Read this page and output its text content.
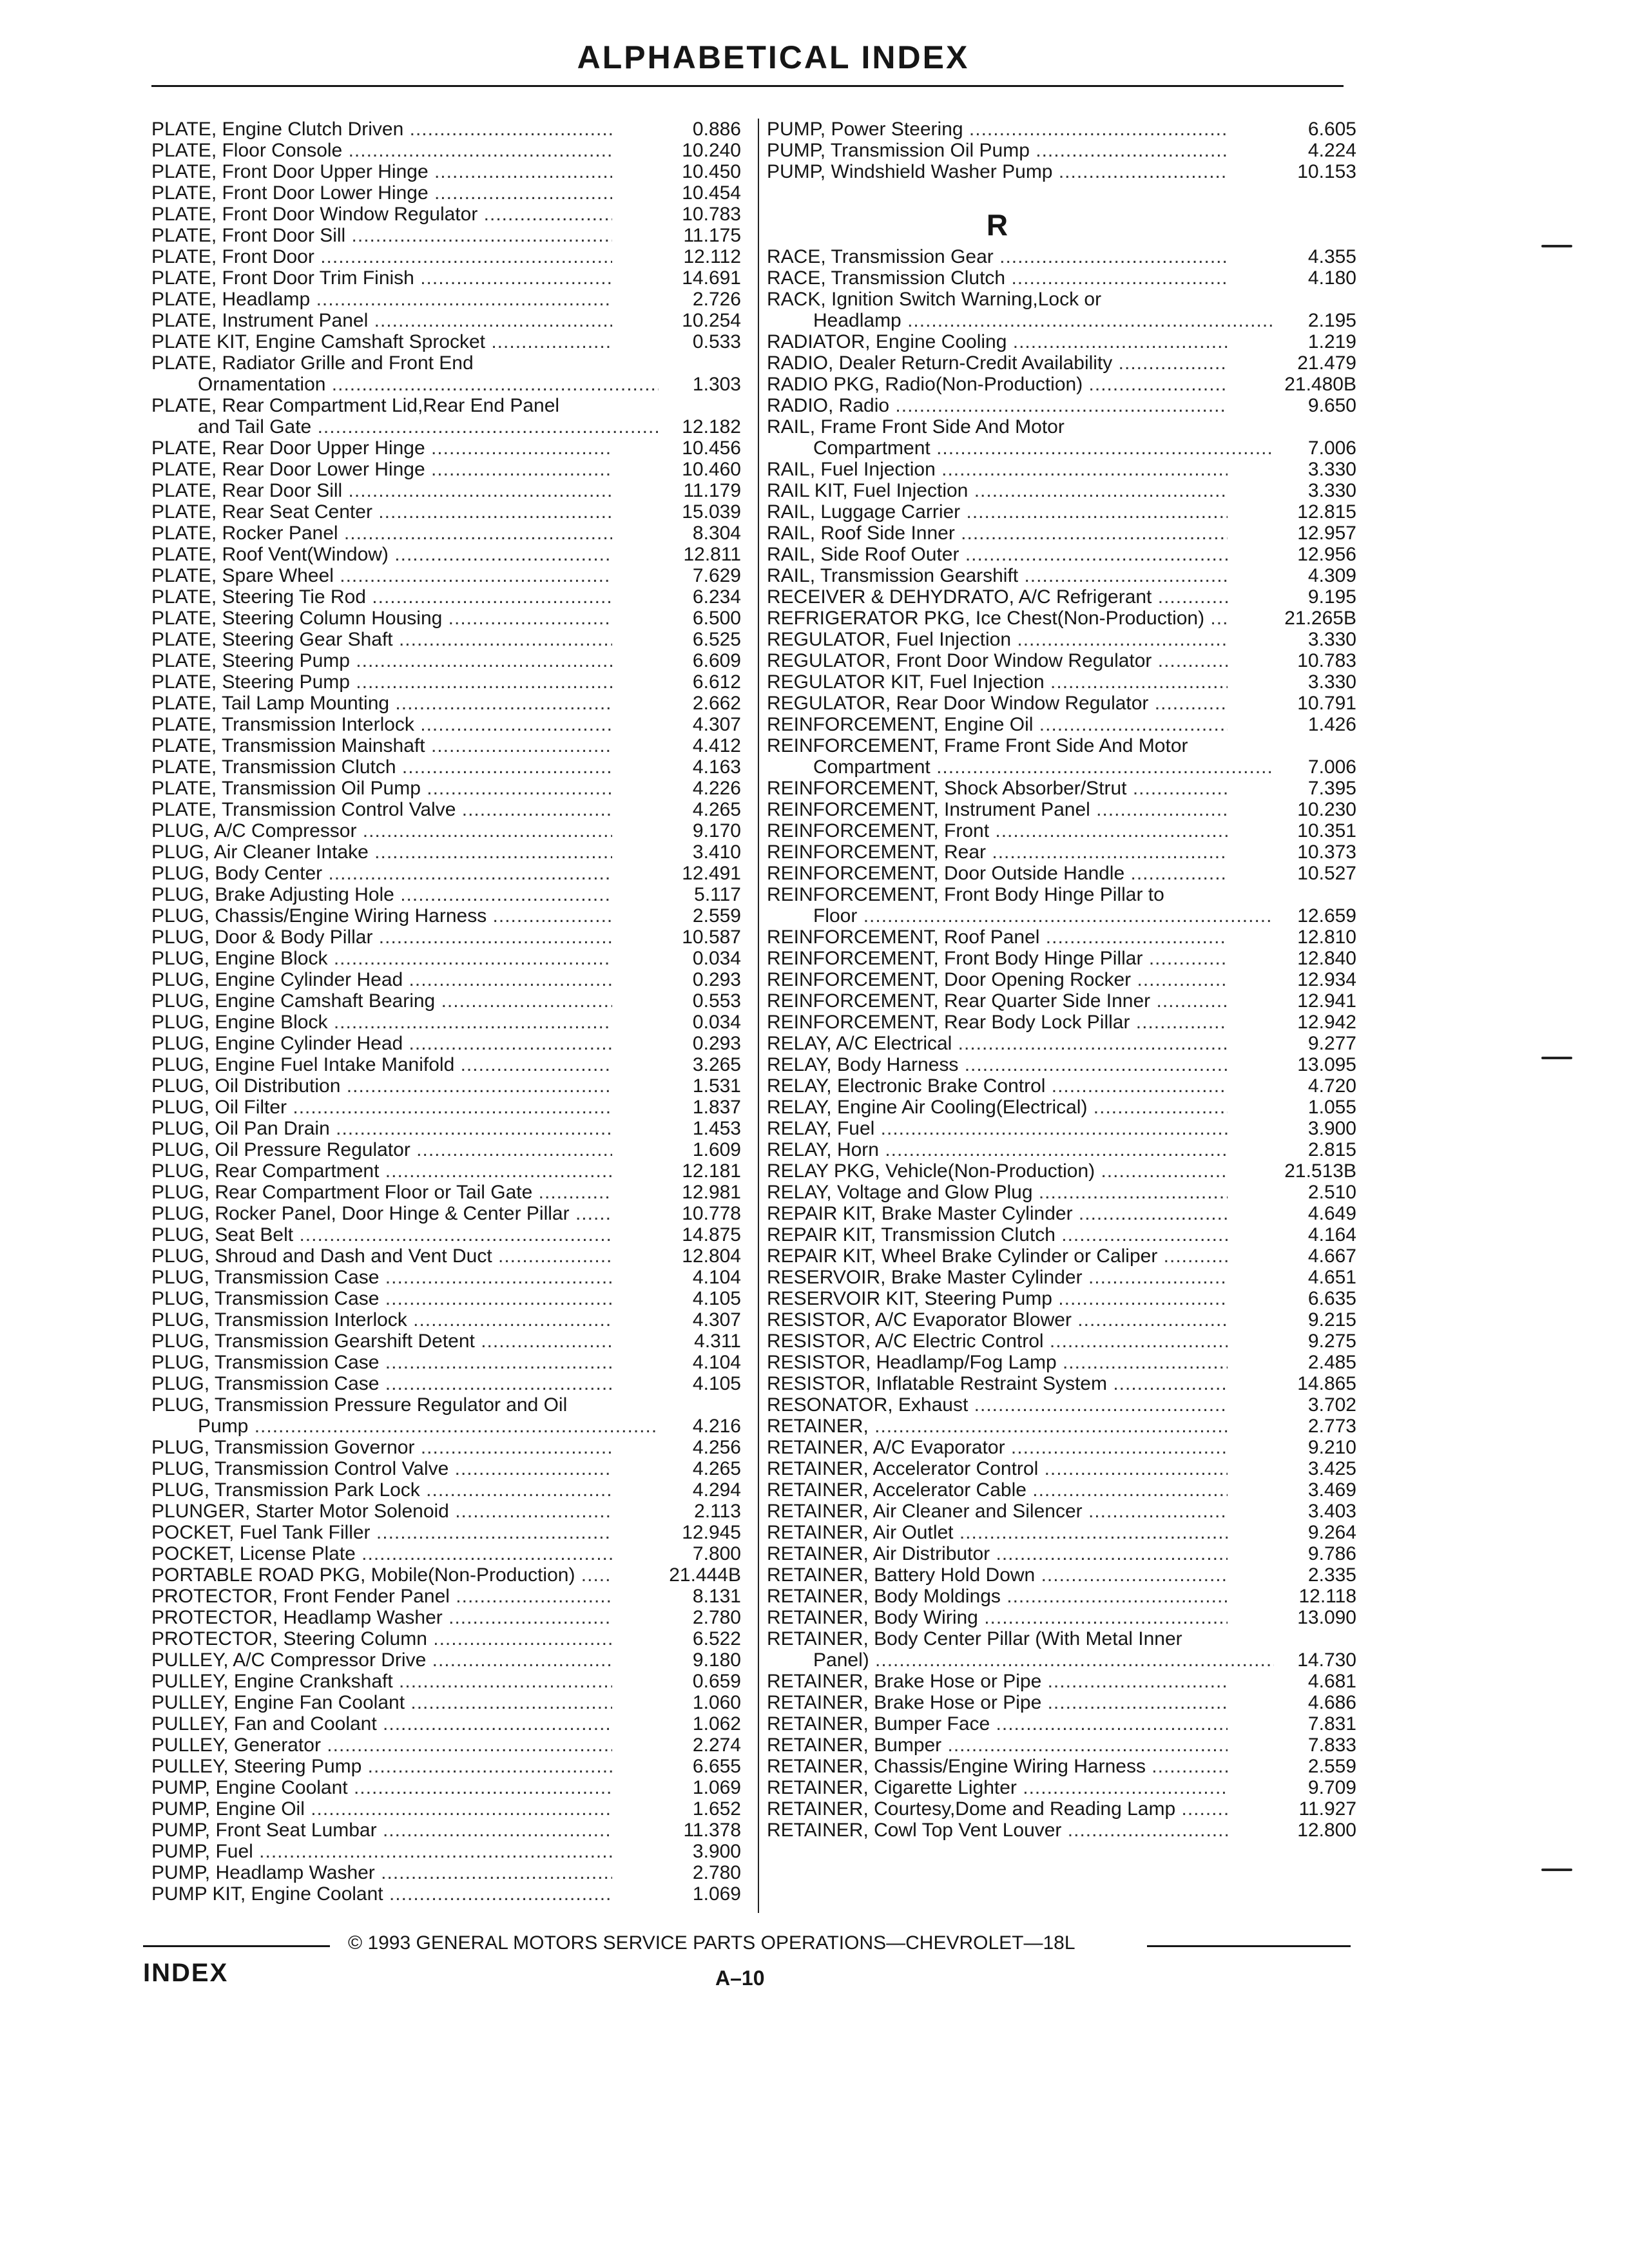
ALPHABETICAL INDEX
PLATE, Engine Clutch Driven .....	0.886
PLATE, Floor Console .....	10.240
PLATE, Front Door Upper Hinge .....	10.450
PLATE, Front Door Lower Hinge .....	10.454
PLATE, Front Door Window Regulator .....	10.783
PLATE, Front Door Sill .....	11.175
PLATE, Front Door .....	12.112
PLATE, Front Door Trim Finish .....	14.691
PLATE, Headlamp .....	2.726
PLATE, Instrument Panel .....	10.254
PLATE KIT, Engine Camshaft Sprocket .....	0.533
PLATE, Radiator Grille and Front End
Ornamentation .....	1.303
PLATE, Rear Compartment Lid,Rear End Panel
and Tail Gate .....	12.182
PLATE, Rear Door Upper Hinge .....	10.456
PLATE, Rear Door Lower Hinge .....	10.460
PLATE, Rear Door Sill .....	11.179
PLATE, Rear Seat Center .....	15.039
PLATE, Rocker Panel .....	8.304
PLATE, Roof Vent(Window) .....	12.811
PLATE, Spare Wheel .....	7.629
PLATE, Steering Tie Rod .....	6.234
PLATE, Steering Column Housing .....	6.500
PLATE, Steering Gear Shaft .....	6.525
PLATE, Steering Pump .....	6.609
PLATE, Steering Pump .....	6.612
PLATE, Tail Lamp Mounting .....	2.662
PLATE, Transmission Interlock .....	4.307
PLATE, Transmission Mainshaft .....	4.412
PLATE, Transmission Clutch .....	4.163
PLATE, Transmission Oil Pump .....	4.226
PLATE, Transmission Control Valve .....	4.265
PLUG, A/C Compressor .....	9.170
PLUG, Air Cleaner Intake .....	3.410
PLUG, Body Center .....	12.491
PLUG, Brake Adjusting Hole .....	5.117
PLUG, Chassis/Engine Wiring Harness .....	2.559
PLUG, Door & Body Pillar .....	10.587
PLUG, Engine Block .....	0.034
PLUG, Engine Cylinder Head .....	0.293
PLUG, Engine Camshaft Bearing .....	0.553
PLUG, Engine Block .....	0.034
PLUG, Engine Cylinder Head .....	0.293
PLUG, Engine Fuel Intake Manifold .....	3.265
PLUG, Oil Distribution .....	1.531
PLUG, Oil Filter .....	1.837
PLUG, Oil Pan Drain .....	1.453
PLUG, Oil Pressure Regulator .....	1.609
PLUG, Rear Compartment .....	12.181
PLUG, Rear Compartment Floor or Tail Gate .....	12.981
PLUG, Rocker Panel, Door Hinge & Center Pillar .....	10.778
PLUG, Seat Belt .....	14.875
PLUG, Shroud and Dash and Vent Duct .....	12.804
PLUG, Transmission Case .....	4.104
PLUG, Transmission Case .....	4.105
PLUG, Transmission Interlock .....	4.307
PLUG, Transmission Gearshift Detent .....	4.311
PLUG, Transmission Case .....	4.104
PLUG, Transmission Case .....	4.105
PLUG, Transmission Pressure Regulator and Oil
Pump .....	4.216
PLUG, Transmission Governor .....	4.256
PLUG, Transmission Control Valve .....	4.265
PLUG, Transmission Park Lock .....	4.294
PLUNGER, Starter Motor Solenoid .....	2.113
POCKET, Fuel Tank Filler .....	12.945
POCKET, License Plate .....	7.800
PORTABLE ROAD PKG, Mobile(Non-Production) .....	21.444B
PROTECTOR, Front Fender Panel .....	8.131
PROTECTOR, Headlamp Washer .....	2.780
PROTECTOR, Steering Column .....	6.522
PULLEY, A/C Compressor Drive .....	9.180
PULLEY, Engine Crankshaft .....	0.659
PULLEY, Engine Fan Coolant .....	1.060
PULLEY, Fan and Coolant .....	1.062
PULLEY, Generator .....	2.274
PULLEY, Steering Pump .....	6.655
PUMP, Engine Coolant .....	1.069
PUMP, Engine Oil .....	1.652
PUMP, Front Seat Lumbar .....	11.378
PUMP, Fuel .....	3.900
PUMP, Headlamp Washer .....	2.780
PUMP KIT, Engine Coolant .....	1.069
PUMP, Power Steering .....	6.605
PUMP, Transmission Oil Pump .....	4.224
PUMP, Windshield Washer Pump .....	10.153
R
RACE, Transmission Gear .....	4.355
RACE, Transmission Clutch .....	4.180
RACK, Ignition Switch Warning,Lock or
Headlamp .....	2.195
RADIATOR, Engine Cooling .....	1.219
RADIO, Dealer Return-Credit Availability .....	21.479
RADIO PKG, Radio(Non-Production) .....	21.480B
RADIO, Radio .....	9.650
RAIL, Frame Front Side And Motor
Compartment .....	7.006
RAIL, Fuel Injection .....	3.330
RAIL KIT, Fuel Injection .....	3.330
RAIL, Luggage Carrier .....	12.815
RAIL, Roof Side Inner .....	12.957
RAIL, Side Roof Outer .....	12.956
RAIL, Transmission Gearshift .....	4.309
RECEIVER & DEHYDRATO, A/C Refrigerant .....	9.195
REFRIGERATOR PKG, Ice Chest(Non-Production) .....	21.265B
REGULATOR, Fuel Injection .....	3.330
REGULATOR, Front Door Window Regulator .....	10.783
REGULATOR KIT, Fuel Injection .....	3.330
REGULATOR, Rear Door Window Regulator .....	10.791
REINFORCEMENT, Engine Oil .....	1.426
REINFORCEMENT, Frame Front Side And Motor
Compartment .....	7.006
REINFORCEMENT, Shock Absorber/Strut .....	7.395
REINFORCEMENT, Instrument Panel .....	10.230
REINFORCEMENT, Front .....	10.351
REINFORCEMENT, Rear .....	10.373
REINFORCEMENT, Door Outside Handle .....	10.527
REINFORCEMENT, Front Body Hinge Pillar to
Floor .....	12.659
REINFORCEMENT, Roof Panel .....	12.810
REINFORCEMENT, Front Body Hinge Pillar .....	12.840
REINFORCEMENT, Door Opening Rocker .....	12.934
REINFORCEMENT, Rear Quarter Side Inner .....	12.941
REINFORCEMENT, Rear Body Lock Pillar .....	12.942
RELAY, A/C Electrical .....	9.277
RELAY, Body Harness .....	13.095
RELAY, Electronic Brake Control .....	4.720
RELAY, Engine Air Cooling(Electrical) .....	1.055
RELAY, Fuel .....	3.900
RELAY, Horn .....	2.815
RELAY PKG, Vehicle(Non-Production) .....	21.513B
RELAY, Voltage and Glow Plug .....	2.510
REPAIR KIT, Brake Master Cylinder .....	4.649
REPAIR KIT, Transmission Clutch .....	4.164
REPAIR KIT, Wheel Brake Cylinder or Caliper .....	4.667
RESERVOIR, Brake Master Cylinder .....	4.651
RESERVOIR KIT, Steering Pump .....	6.635
RESISTOR, A/C Evaporator Blower .....	9.215
RESISTOR, A/C Electric Control .....	9.275
RESISTOR, Headlamp/Fog Lamp .....	2.485
RESISTOR, Inflatable Restraint System .....	14.865
RESONATOR, Exhaust .....	3.702
RETAINER, .....	2.773
RETAINER, A/C Evaporator .....	9.210
RETAINER, Accelerator Control .....	3.425
RETAINER, Accelerator Cable .....	3.469
RETAINER, Air Cleaner and Silencer .....	3.403
RETAINER, Air Outlet .....	9.264
RETAINER, Air Distributor .....	9.786
RETAINER, Battery Hold Down .....	2.335
RETAINER, Body Moldings .....	12.118
RETAINER, Body Wiring .....	13.090
RETAINER, Body Center Pillar (With Metal Inner
Panel) .....	14.730
RETAINER, Brake Hose or Pipe .....	4.681
RETAINER, Brake Hose or Pipe .....	4.686
RETAINER, Bumper Face .....	7.831
RETAINER, Bumper .....	7.833
RETAINER, Chassis/Engine Wiring Harness .....	2.559
RETAINER, Cigarette Lighter .....	9.709
RETAINER, Courtesy,Dome and Reading Lamp .....	11.927
RETAINER, Cowl Top Vent Louver .....	12.800
© 1993 GENERAL MOTORS SERVICE PARTS OPERATIONS—CHEVROLET—18L
INDEX	A–10
